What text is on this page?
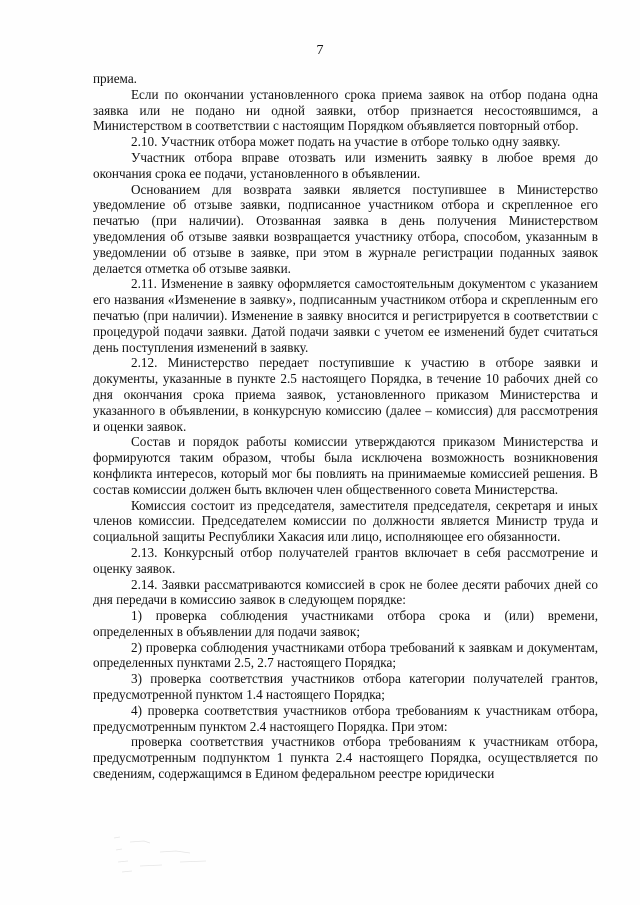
7

приема.

Если по окончании установленного срока приема заявок на отбор подана одна заявка или не подано ни одной заявки, отбор признается несостоявшимся, а Министерством в соответствии с настоящим Порядком объявляется повторный отбор.

2.10. Участник отбора может подать на участие в отборе только одну заявку.

Участник отбора вправе отозвать или изменить заявку в любое время до окончания срока ее подачи, установленного в объявлении.

Основанием для возврата заявки является поступившее в Министерство уведомление об отзыве заявки, подписанное участником отбора и скрепленное его печатью (при наличии). Отозванная заявка в день получения Министерством уведомления об отзыве заявки возвращается участнику отбора, способом, указанным в уведомлении об отзыве в заявке, при этом в журнале регистрации поданных заявок делается отметка об отзыве заявки.

2.11. Изменение в заявку оформляется самостоятельным документом с указанием его названия «Изменение в заявку», подписанным участником отбора и скрепленным его печатью (при наличии). Изменение в заявку вносится и регистрируется в соответствии с процедурой подачи заявки. Датой подачи заявки с учетом ее изменений будет считаться день поступления изменений в заявку.

2.12. Министерство передает поступившие к участию в отборе заявки и документы, указанные в пункте 2.5 настоящего Порядка, в течение 10 рабочих дней со дня окончания срока приема заявок, установленного приказом Министерства и указанного в объявлении, в конкурсную комиссию (далее – комиссия) для рассмотрения и оценки заявок.

Состав и порядок работы комиссии утверждаются приказом Министерства и формируются таким образом, чтобы была исключена возможность возникновения конфликта интересов, который мог бы повлиять на принимаемые комиссией решения. В состав комиссии должен быть включен член общественного совета Министерства.

Комиссия состоит из председателя, заместителя председателя, секретаря и иных членов комиссии. Председателем комиссии по должности является Министр труда и социальной защиты Республики Хакасия или лицо, исполняющее его обязанности.

2.13. Конкурсный отбор получателей грантов включает в себя рассмотрение и оценку заявок.

2.14. Заявки рассматриваются комиссией в срок не более десяти рабочих дней со дня передачи в комиссию заявок в следующем порядке:

1) проверка соблюдения участниками отбора срока и (или) времени, определенных в объявлении для подачи заявок;

2) проверка соблюдения участниками отбора требований к заявкам и документам, определенных пунктами 2.5, 2.7 настоящего Порядка;

3) проверка соответствия участников отбора категории получателей грантов, предусмотренной пунктом 1.4 настоящего Порядка;

4) проверка соответствия участников отбора требованиям к участникам отбора, предусмотренным пунктом 2.4 настоящего Порядка. При этом:

проверка соответствия участников отбора требованиям к участникам отбора, предусмотренным подпунктом 1 пункта 2.4 настоящего Порядка, осуществляется по сведениям, содержащимся в Едином федеральном реестре юридически
